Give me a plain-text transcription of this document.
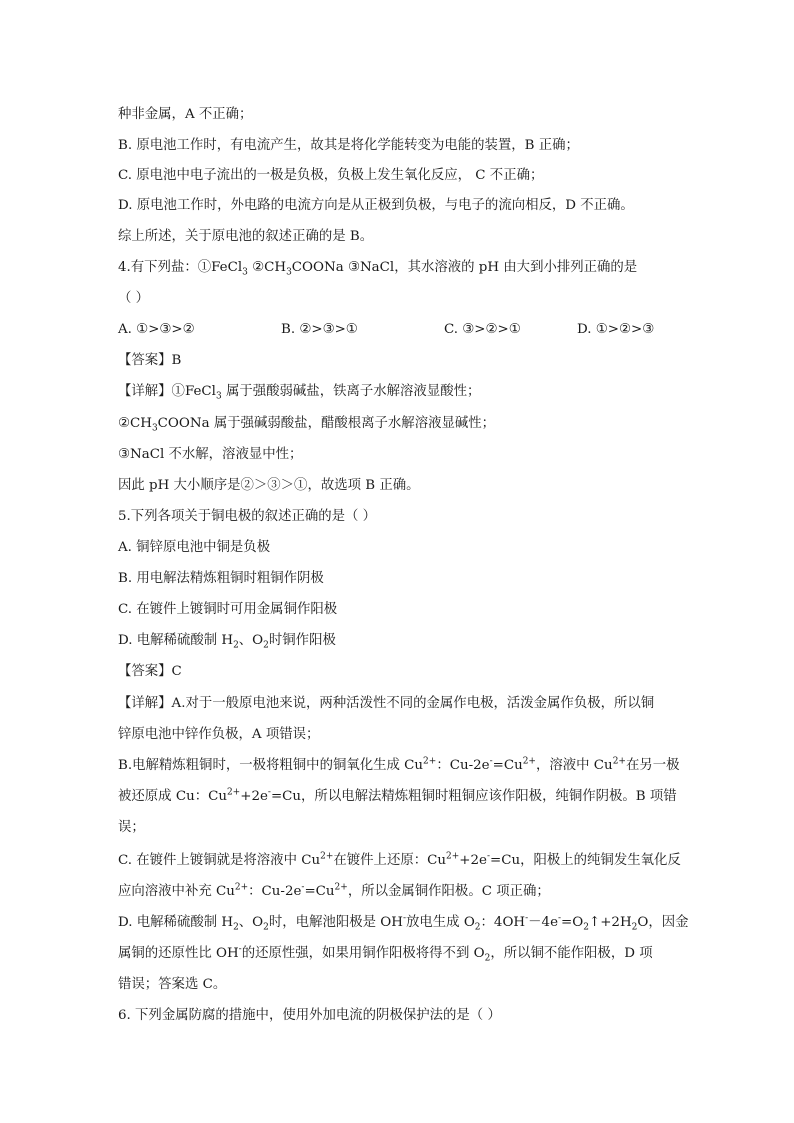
种非金属，A 不正确；
B. 原电池工作时，有电流产生，故其是将化学能转变为电能的装置，B 正确；
C. 原电池中电子流出的一极是负极，负极上发生氧化反应， C 不正确；
D. 原电池工作时，外电路的电流方向是从正极到负极，与电子的流向相反，D 不正确。
综上所述，关于原电池的叙述正确的是 B。
4.有下列盐：①FeCl$_3$ $②CH_3COONa$ ③NaCl，其水溶液的 pH 由大到小排列正确的是
（ ）
A. ①>③>②	B. ②>③>①	C. ③>②>①	D. ①>②>③
【答案】B
【详解】①FeCl$_3$ 属于强酸弱碱盐，铁离子水解溶液显酸性；
$②CH_3COONa$ 属于强碱弱酸盐，醋酸根离子水解溶液显碱性；
③NaCl 不水解，溶液显中性；
因此 pH 大小顺序是②＞③＞①，故选项 B 正确。
5.下列各项关于铜电极的叙述正确的是（ ）
A. 铜锌原电池中铜是负极
B. 用电解法精炼粗铜时粗铜作阴极
C. 在镀件上镀铜时可用金属铜作阳极
D. 电解稀硫酸制 $H_2$、$O_2$时铜作阳极
【答案】C
【详解】A.对于一般原电池来说，两种活泼性不同的金属作电极，活泼金属作负极，所以铜
锌原电池中锌作负极，A 项错误；
B.电解精炼粗铜时，一极将粗铜中的铜氧化生成 $Cu^{2+}$：$Cu-2e^-=Cu^{2+}$，溶液中 $Cu^{2+}$在另一极
被还原成 Cu：$Cu^{2+}+2e^-=Cu$，所以电解法精炼粗铜时粗铜应该作阳极，纯铜作阴极。B 项错
误；
C. 在镀件上镀铜就是将溶液中 $Cu^{2+}$在镀件上还原：$Cu^{2+}+2e^-=Cu$，阳极上的纯铜发生氧化反
应向溶液中补充 $Cu^{2+}$：$Cu-2e^-=Cu^{2+}$，所以金属铜作阳极。C 项正确；
D. 电解稀硫酸制 $H_2$、$O_2$时，电解池阳极是 OH-放电生成 $O_2$：$4OH^--4e^-=O_2↑+2H_2O$，因金
属铜的还原性比 OH-的还原性强，如果用铜作阳极将得不到 $O_2$，所以铜不能作阳极，D 项
错误；答案选 C。
6. 下列金属防腐的措施中，使用外加电流的阴极保护法的是（ ）
